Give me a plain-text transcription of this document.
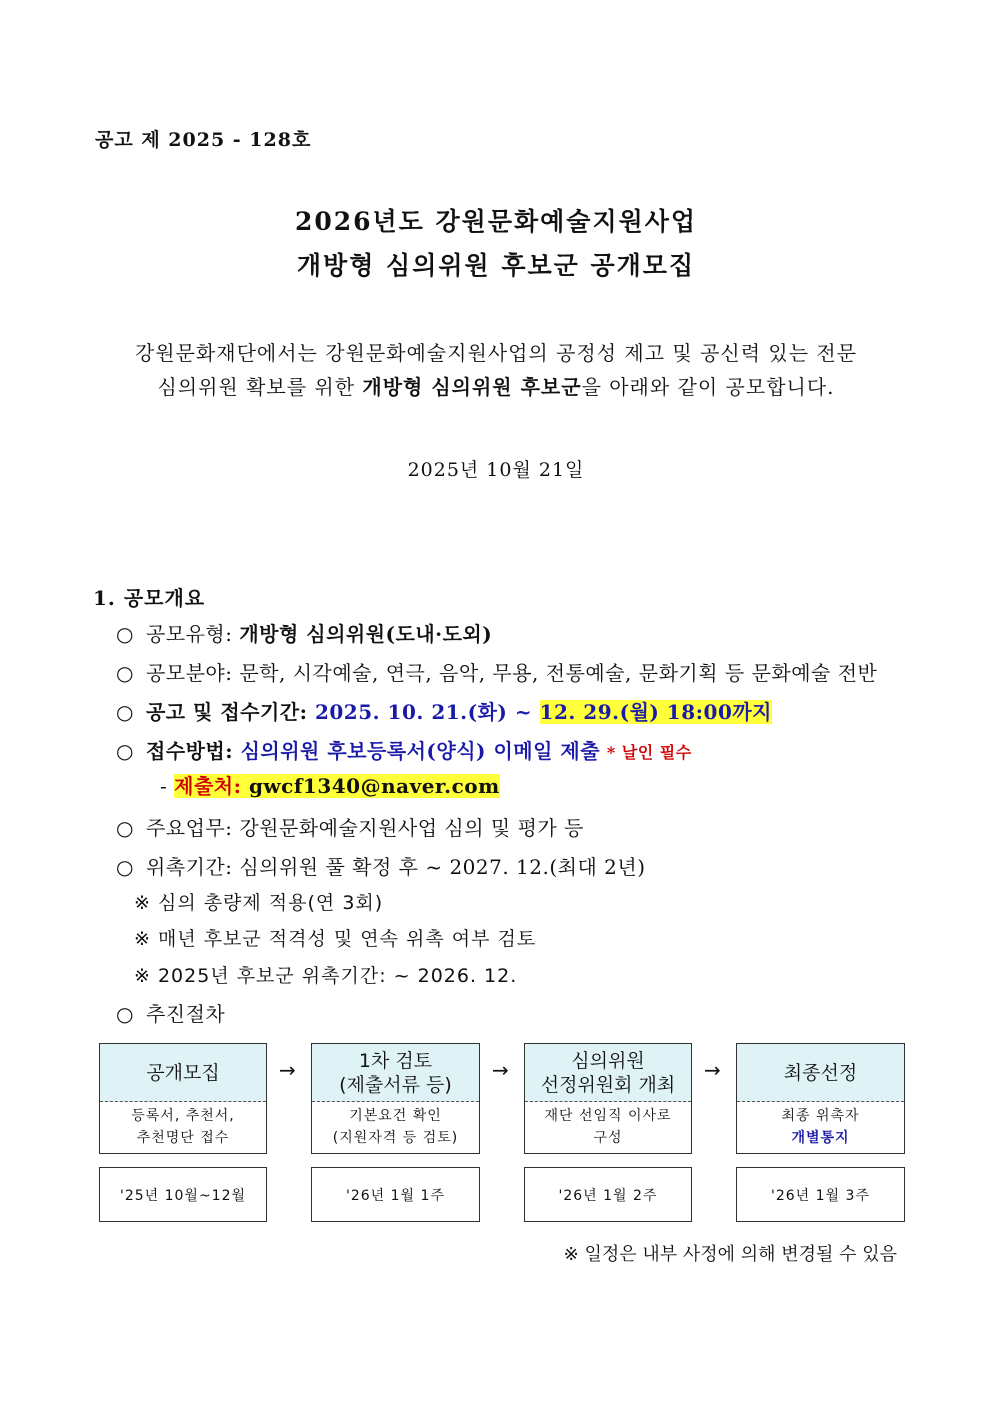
공고 제 2025 - 128호
2026년도 강원문화예술지원사업
개방형 심의위원 후보군 공개모집
강원문화재단에서는 강원문화예술지원사업의 공정성 제고 및 공신력 있는 전문
심의위원 확보를 위한 개방형 심의위원 후보군을 아래와 같이 공모합니다.
2025년 10월 21일
1. 공모개요
○ 공모유형: 개방형 심의위원(도내·도외)
○ 공모분야: 문학, 시각예술, 연극, 음악, 무용, 전통예술, 문화기획 등 문화예술 전반
○ 공고 및 접수기간: 2025. 10. 21.(화) ~ 12. 29.(월) 18:00까지
○ 접수방법: 심의위원 후보등록서(양식) 이메일 제출 * 날인 필수
- 제출처: gwcf1340@naver.com
○ 주요업무: 강원문화예술지원사업 심의 및 평가 등
○ 위촉기간: 심의위원 풀 확정 후 ~ 2027. 12.(최대 2년)
※ 심의 총량제 적용(연 3회)
※ 매년 후보군 적격성 및 연속 위촉 여부 검토
※ 2025년 후보군 위촉기간: ~ 2026. 12.
○ 추진절차
공개모집
등록서, 추천서,
추천명단 접수
→	1차 검토
(제출서류 등)
기본요건 확인
(지원자격 등 검토)
→	심의위원
선정위원회 개최
재단 선임직 이사로
구성
→	최종선정
최종 위촉자
개별통지
'25년 10월~12월	'26년 1월 1주	'26년 1월 2주	'26년 1월 3주
※ 일정은 내부 사정에 의해 변경될 수 있음
